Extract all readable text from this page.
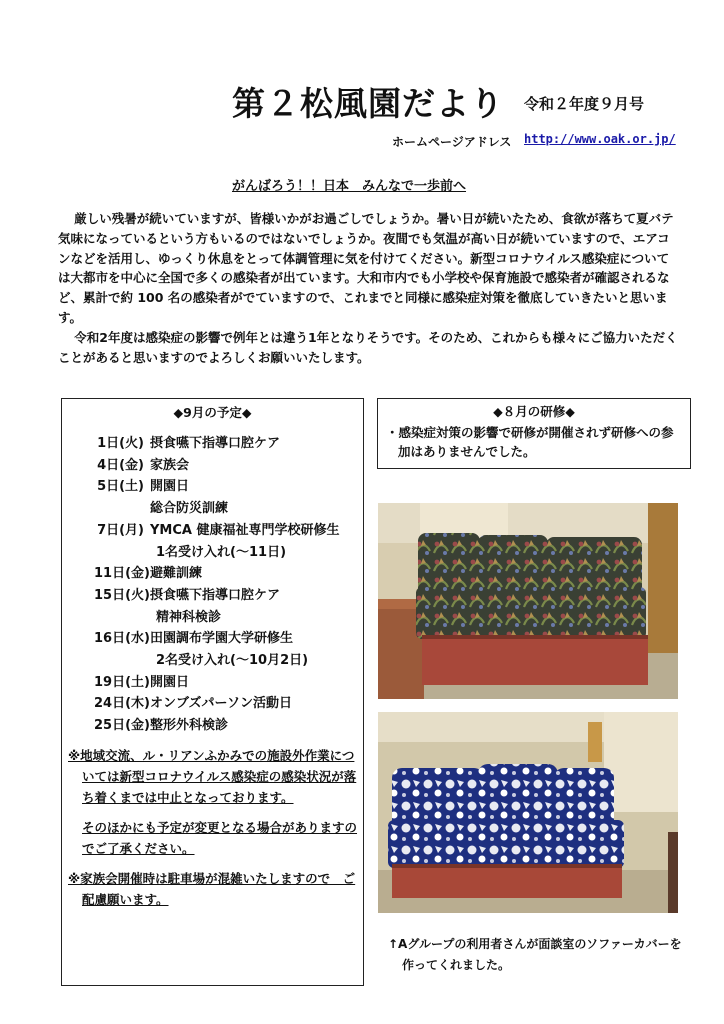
第２松風園だより 令和２年度９月号
ホームページアドレス http://www.oak.or.jp/
がんばろう！！日本　みんなで一歩前へ

厳しい残暑が続いていますが、皆様いかがお過ごしでしょうか。暑い日が続いたため、食欲が落ちて夏バテ気味になっているという方もいるのではないでしょうか。夜間でも気温が高い日が続いていますので、エアコンなどを活用し、ゆっくり休息をとって体調管理に気を付けてください。新型コロナウイルス感染症については大都市を中心に全国で多くの感染者が出ています。大和市内でも小学校や保育施設で感染者が確認されるなど、累計で約 100 名の感染者がでていますので、これまでと同様に感染症対策を徹底していきたいと思います。

令和2年度は感染症の影響で例年とは違う1年となりそうです。そのため、これからも様々にご協力いただくことがあると思いますのでよろしくお願いいたします。

◆9月の予定◆
1日(火) 摂食嚥下指導口腔ケア
4日(金) 家族会
5日(土) 開園日
総合防災訓練
7日(月) YMCA 健康福祉専門学校研修生
1名受け入れ(～11日)
11日(金) 避難訓練
15日(火) 摂食嚥下指導口腔ケア
精神科検診
16日(水) 田園調布学園大学研修生
2名受け入れ(～10月2日)
19日(土) 開園日
24日(木) オンブズパーソン活動日
25日(金) 整形外科検診
※地域交流、ル・リアンふかみでの施設外作業については新型コロナウイルス感染症の感染状況が落ち着くまでは中止となっております。
そのほかにも予定が変更となる場合がありますのでご了承ください。
※家族会開催時は駐車場が混雑いたしますので　ご配慮願います。
◆８月の研修◆
・感染症対策の影響で研修が開催されず研修への参加はありませんでした。
↑Aグループの利用者さんが面談室のソファーカバーを作ってくれました。
